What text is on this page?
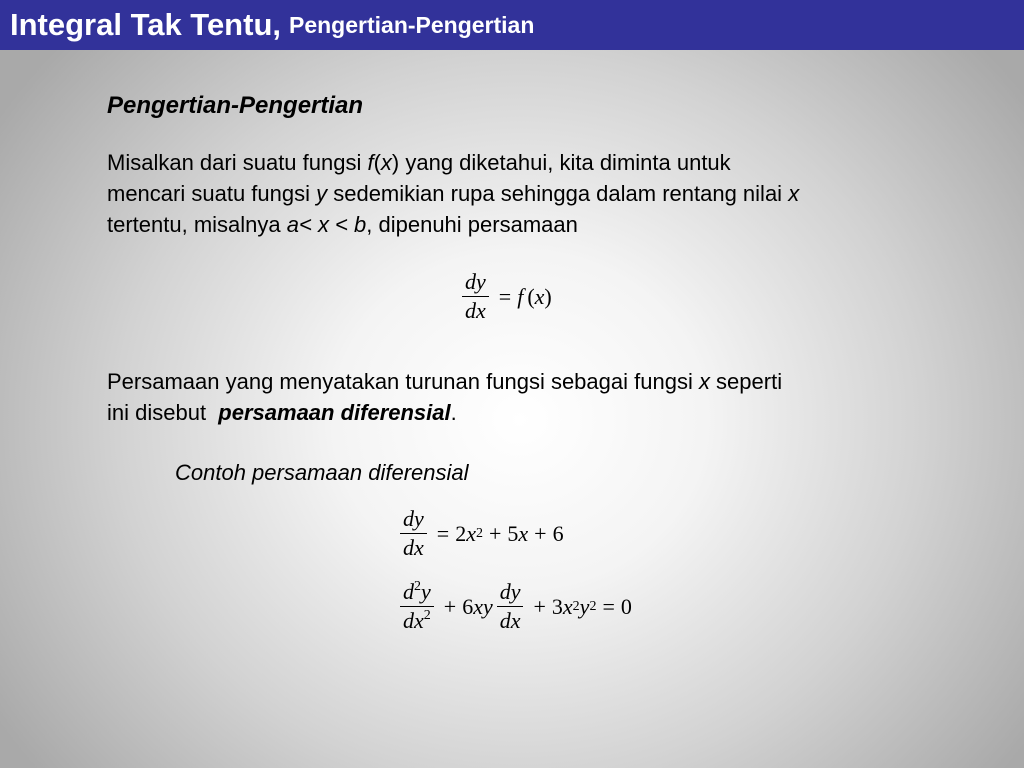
Integral Tak Tentu, Pengertian-Pengertian
Pengertian-Pengertian
Misalkan dari suatu fungsi f(x) yang diketahui, kita diminta untuk
mencari suatu fungsi y sedemikian rupa sehingga dalam rentang nilai x
tertentu, misalnya a< x < b, dipenuhi persamaan
$\frac{dy}{dx} = f$ ( x )
Persamaan yang menyatakan turunan fungsi sebagai fungsi x seperti
ini disebut  persamaan diferensial.
Contoh persamaan diferensial
$\frac{dy}{dx} = 2$ x 2 + 5 x + 6
$\frac{d^2y}{dx^2} + 6$ xy $\frac{dy}{dx} + 3$ x 2 y 2 = 0
